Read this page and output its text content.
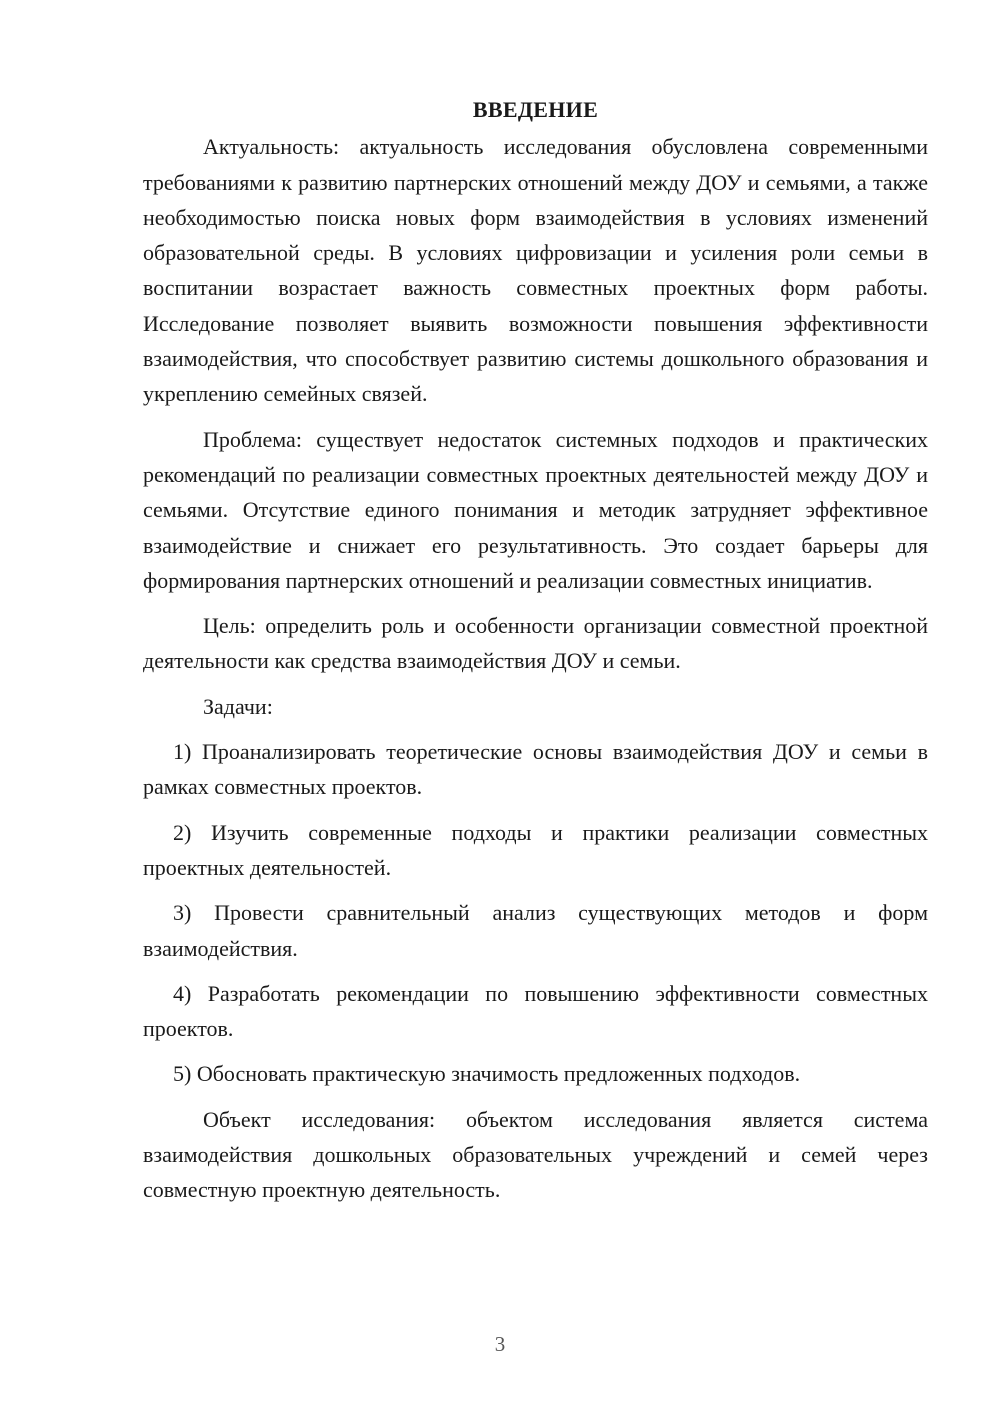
ВВЕДЕНИЕ

Актуальность: актуальность исследования обусловлена современными требованиями к развитию партнерских отношений между ДОУ и семьями, а также необходимостью поиска новых форм взаимодействия в условиях изменений образовательной среды. В условиях цифровизации и усиления роли семьи в воспитании возрастает важность совместных проектных форм работы. Исследование позволяет выявить возможности повышения эффективности взаимодействия, что способствует развитию системы дошкольного образования и укреплению семейных связей.

Проблема: существует недостаток системных подходов и практических рекомендаций по реализации совместных проектных деятельностей между ДОУ и семьями. Отсутствие единого понимания и методик затрудняет эффективное взаимодействие и снижает его результативность. Это создает барьеры для формирования партнерских отношений и реализации совместных инициатив.

Цель: определить роль и особенности организации совместной проектной деятельности как средства взаимодействия ДОУ и семьи.

Задачи:

1) Проанализировать теоретические основы взаимодействия ДОУ и семьи в рамках совместных проектов.

2) Изучить современные подходы и практики реализации совместных проектных деятельностей.

3) Провести сравнительный анализ существующих методов и форм взаимодействия.

4) Разработать рекомендации по повышению эффективности совместных проектов.

5) Обосновать практическую значимость предложенных подходов.

Объект исследования: объектом исследования является система взаимодействия дошкольных образовательных учреждений и семей через совместную проектную деятельность.

3
